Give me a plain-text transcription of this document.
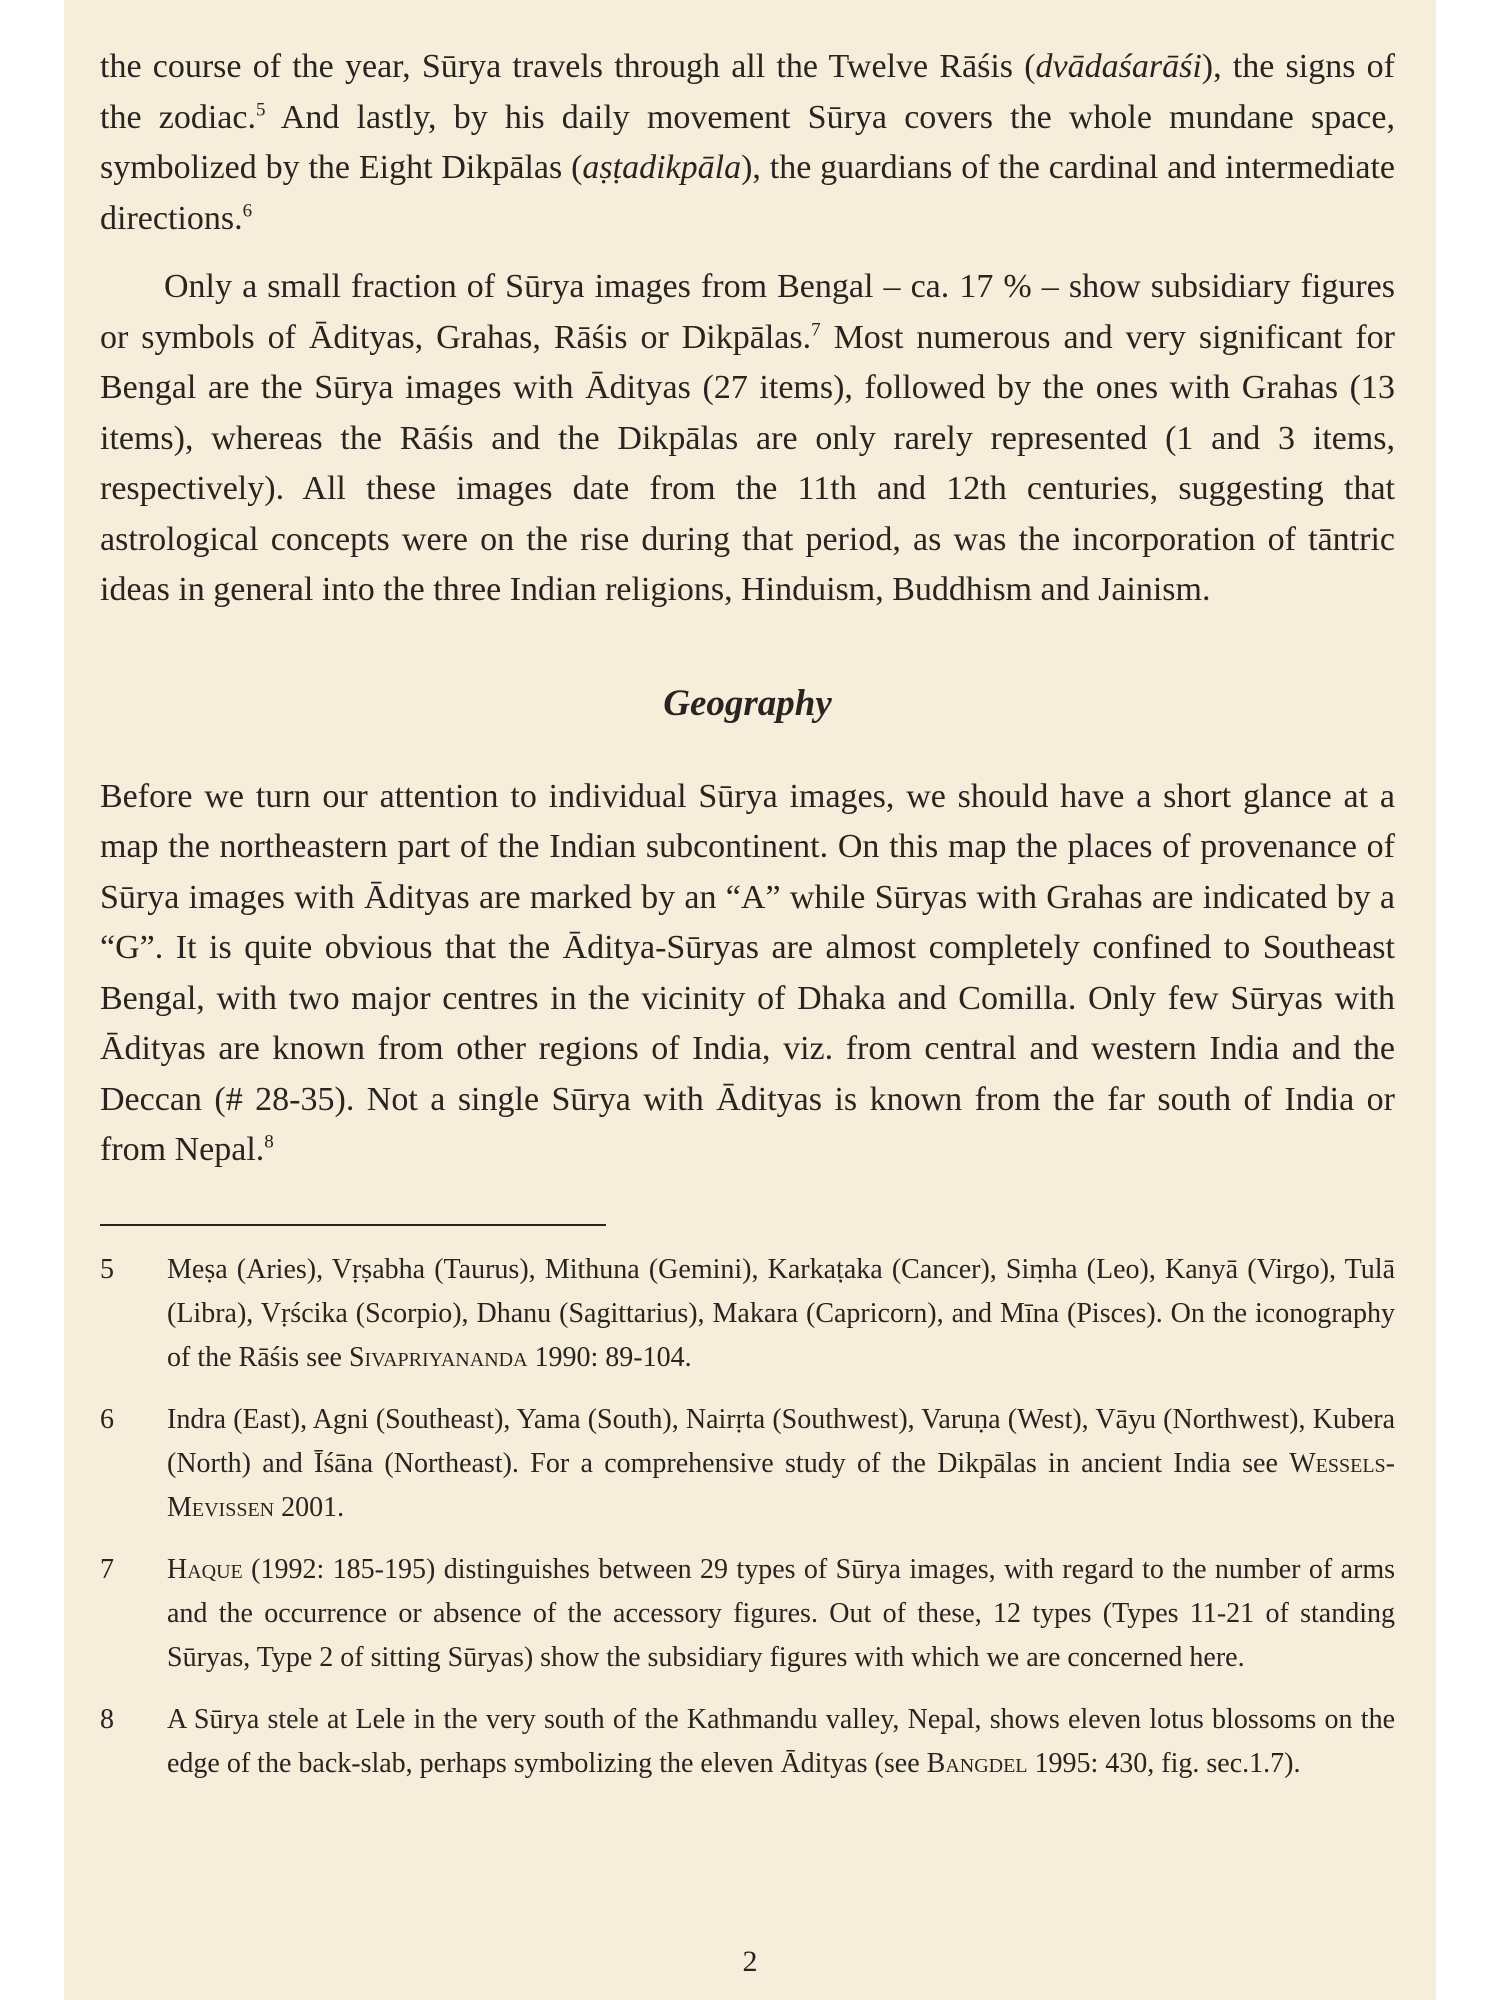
the course of the year, Sūrya travels through all the Twelve Rāśis (dvādaśarāśi), the signs of the zodiac.$^5$ And lastly, by his daily movement Sūrya covers the whole mundane space, symbolized by the Eight Dikpālas (aṣṭadikpāla), the guardians of the cardinal and intermediate directions.$^6$

Only a small fraction of Sūrya images from Bengal – ca. 17 % – show subsidiary figures or symbols of Ādityas, Grahas, Rāśis or Dikpālas.$^7$ Most numerous and very significant for Bengal are the Sūrya images with Ādityas (27 items), followed by the ones with Grahas (13 items), whereas the Rāśis and the Dikpālas are only rarely represented (1 and 3 items, respectively). All these images date from the 11th and 12th centuries, suggesting that astrological concepts were on the rise during that period, as was the incorporation of tāntric ideas in general into the three Indian religions, Hinduism, Buddhism and Jainism.

Geography

Before we turn our attention to individual Sūrya images, we should have a short glance at a map the northeastern part of the Indian subcontinent. On this map the places of provenance of Sūrya images with Ādityas are marked by an “A” while Sūryas with Grahas are indicated by a “G”. It is quite obvious that the Āditya-Sūryas are almost completely confined to Southeast Bengal, with two major centres in the vicinity of Dhaka and Comilla. Only few Sūryas with Ādityas are known from other regions of India, viz. from central and western India and the Deccan (# 28-35). Not a single Sūrya with Ādityas is known from the far south of India or from Nepal.$^8$

5	Meṣa (Aries), Vṛṣabha (Taurus), Mithuna (Gemini), Karkaṭaka (Cancer), Siṃha (Leo), Kanyā (Virgo), Tulā (Libra), Vṛścika (Scorpio), Dhanu (Sagittarius), Makara (Capricorn), and Mīna (Pisces). On the iconography of the Rāśis see Sivapriyananda 1990: 89-104.
6	Indra (East), Agni (Southeast), Yama (South), Nairṛta (Southwest), Varuṇa (West), Vāyu (Northwest), Kubera (North) and Īśāna (Northeast). For a comprehensive study of the Dikpālas in ancient India see Wessels-Mevissen 2001.
7	Haque (1992: 185-195) distinguishes between 29 types of Sūrya images, with regard to the number of arms and the occurrence or absence of the accessory figures. Out of these, 12 types (Types 11-21 of standing Sūryas, Type 2 of sitting Sūryas) show the subsidiary figures with which we are concerned here.
8	A Sūrya stele at Lele in the very south of the Kathmandu valley, Nepal, shows eleven lotus blossoms on the edge of the back-slab, perhaps symbolizing the eleven Ādityas (see Bangdel 1995: 430, fig. sec.1.7).
2
